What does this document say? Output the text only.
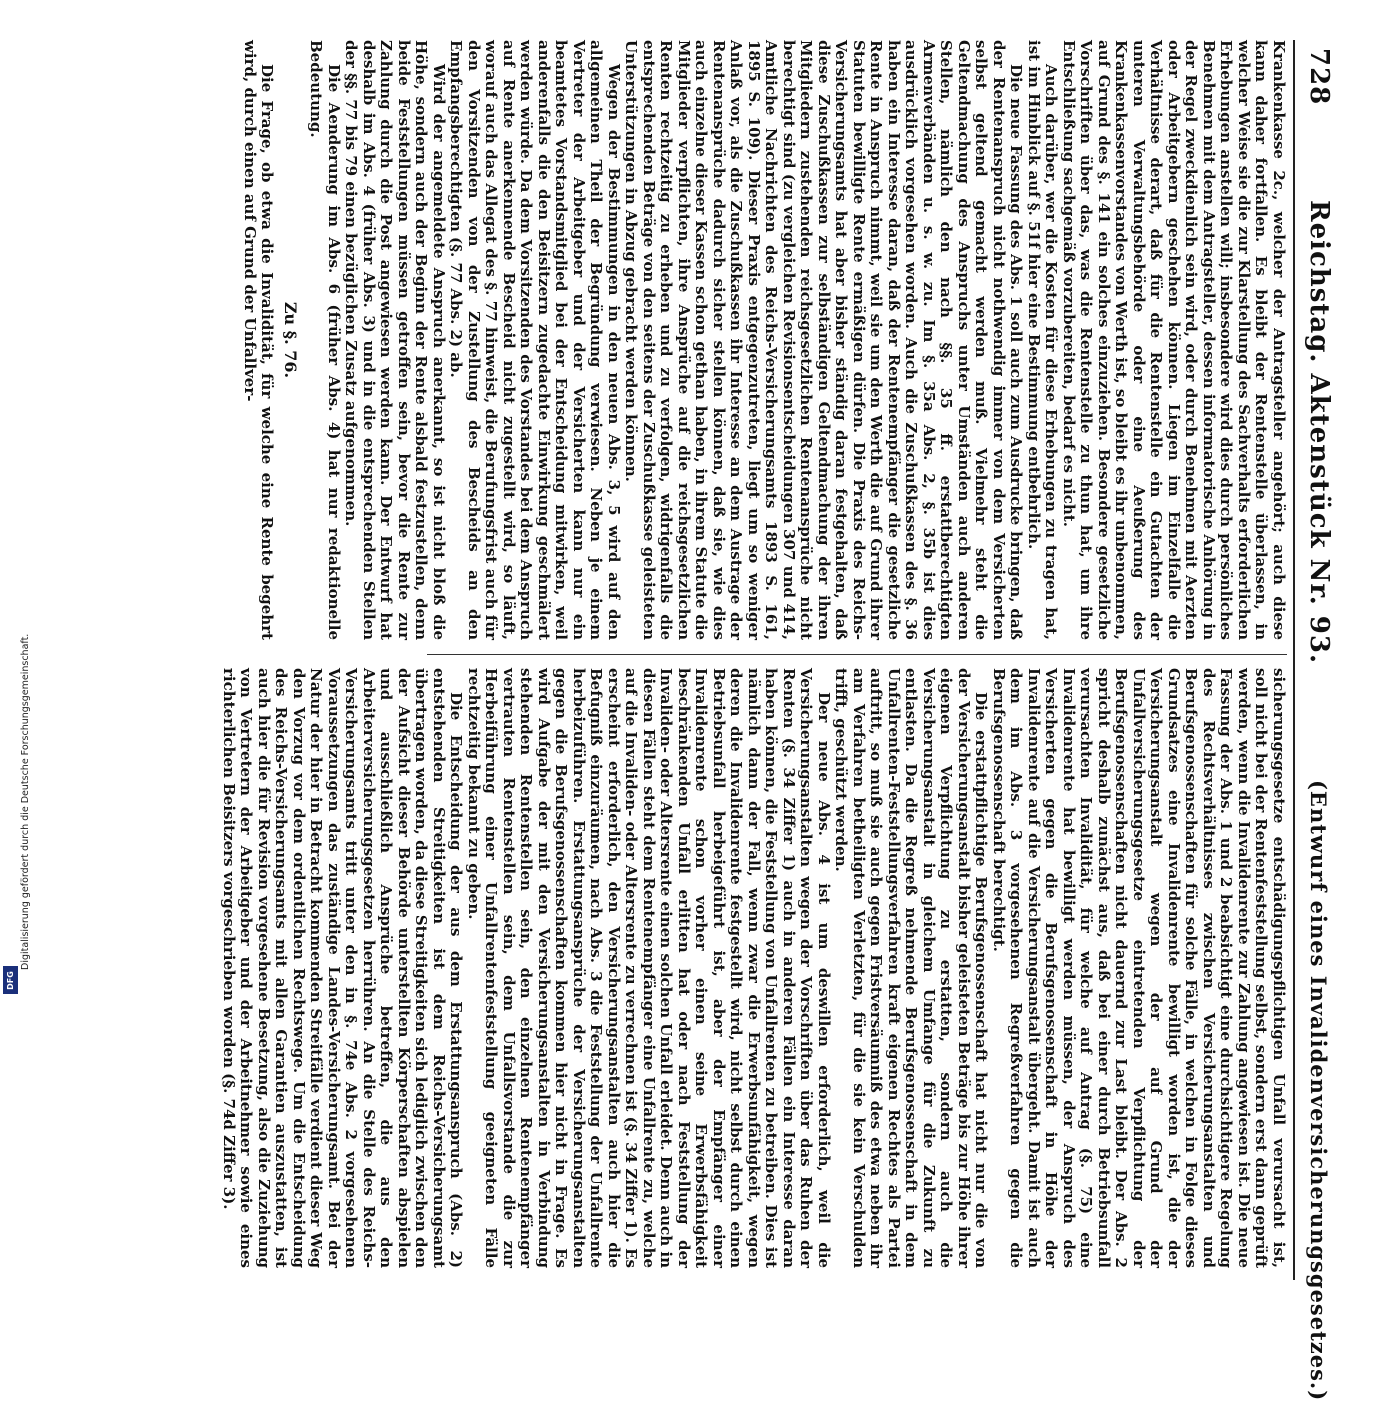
728
Reichstag. Aktenstück Nr. 93.
(Entwurf eines Invalidenversicherungsgesetzes.)

Krankenkasse 2c., welcher der Antragsteller angehört; auch diese kann daher fortfallen. Es bleibt der Rentenstelle überlassen, in welcher Weise sie die zur Klarstellung des Sachverhalts erforderlichen Erhebungen anstellen will; insbesondere wird dies durch persönliches Benehmen mit dem Antragsteller, dessen informatorische Anhörung in der Regel zweckdienlich sein wird, oder durch Benehmen mit Aerzten oder Arbeitgebern geschehen können. Liegen im Einzelfalle die Verhältnisse derart, daß für die Rentenstelle ein Gutachten der unteren Verwaltungsbehörde oder eine Aeußerung des Krankenkassenvorstandes von Werth ist, so bleibt es ihr unbenommen, auf Grund des §. 141 ein solches einzuziehen. Besondere gesetzliche Vorschriften über das, was die Rentenstelle zu thun hat, um ihre Entschließung sachgemäß vorzubereiten, bedarf es nicht.

Auch darüber, wer die Kosten für diese Erhebungen zu tragen hat, ist im Hinblick auf §. 51f hier eine Bestimmung entbehrlich.

Die neue Fassung des Abs. 1 soll auch zum Ausdrucke bringen, daß der Rentenanspruch nicht nothwendig immer von dem Versicherten selbst geltend gemacht werden muß. Vielmehr steht die Geltendmachung des Anspruchs unter Umständen auch anderen Stellen, nämlich den nach §§. 35 ff. erstattberechtigten Armenverbänden u. s. w. zu. Im §. 35a Abs. 2, §. 35b ist dies ausdrücklich vorgesehen worden. Auch die Zuschußkassen des §. 36 haben ein Interesse daran, daß der Rentenempfänger die gesetzliche Rente in Anspruch nimmt, weil sie um den Werth die auf Grund ihrer Statuten bewilligte Rente ermäßigen dürfen. Die Praxis des Reichs-Versicherungsamts hat aber bisher ständig daran festgehalten, daß diese Zuschußkassen zur selbständigen Geltendmachung der ihren Mitgliedern zustehenden reichsgesetzlichen Rentenansprüche nicht berechtigt sind (zu vergleichen Revisionsentscheidungen 307 und 414, Amtliche Nachrichten des Reichs-Versicherungsamts 1893 S. 161, 1895 S. 109). Dieser Praxis entgegenzutreten, liegt um so weniger Anlaß vor, als die Zuschußkassen ihr Interesse an dem Austrage der Rentenansprüche dadurch sicher stellen können, daß sie, wie dies auch einzelne dieser Kassen schon gethan haben, in ihrem Statute die Mitglieder verpflichten, ihre Ansprüche auf die reichsgesetzlichen Renten rechtzeitig zu erheben und zu verfolgen, widrigenfalls die entsprechenden Beträge von den seitens der Zuschußkasse geleisteten Unterstützungen in Abzug gebracht werden können.

Wegen der Bestimmungen in den neuen Abs. 3, 5 wird auf den allgemeinen Theil der Begründung verwiesen. Neben je einem Vertreter der Arbeitgeber und der Versicherten kann nur ein beamtetes Vorstandsmitglied bei der Entscheidung mitwirken, weil anderenfalls die den Beisitzern zugedachte Einwirkung geschmälert werden würde. Da dem Vorsitzenden des Vorstandes bei dem Anspruch auf Rente anerkennende Bescheid nicht zugestellt wird, so läuft, worauf auch das Allegat des §. 77 hinweist, die Berufungsfrist auch für den Vorsitzenden von der Zustellung des Bescheids an den Empfangsberechtigten (§. 77 Abs. 2) ab.

Wird der angemeldete Anspruch anerkannt, so ist nicht bloß die Höhe, sondern auch der Beginn der Rente alsbald festzustellen, denn beide Feststellungen müssen getroffen sein, bevor die Rente zur Zahlung durch die Post angewiesen werden kann. Der Entwurf hat deshalb im Abs. 4 (früher Abs. 3) und in die entsprechenden Stellen der §§. 77 bis 79 einen bezüglichen Zusatz aufgenommen.

Die Aenderung im Abs. 6 (früher Abs. 4) hat nur redaktionelle Bedeutung.

Zu §. 76.

Die Frage, ob etwa die Invalidität, für welche eine Rente begehrt wird, durch einen auf Grund der Unfallver-

sicherungsgesetze entschädigungspflichtigen Unfall verursacht ist, soll nicht bei der Rentenfeststellung selbst, sondern erst dann geprüft werden, wenn die Invalidenrente zur Zahlung angewiesen ist. Die neue Fassung der Abs. 1 und 2 beabsichtigt eine durchsichtigere Regelung des Rechtsverhältnisses zwischen Versicherungsanstalten und Berufsgenossenschaften für solche Fälle, in welchen in Folge dieses Grundsatzes eine Invalidenrente bewilligt worden ist, die der Versicherungsanstalt wegen der auf Grund der Unfallversicherungsgesetze eintretenden Verpflichtung der Berufsgenossenschaften nicht dauernd zur Last bleibt. Der Abs. 2 spricht deshalb zunächst aus, daß bei einer durch Betriebsunfall verursachten Invalidität, für welche auf Antrag (§. 75) eine Invalidenrente hat bewilligt werden müssen, der Anspruch des Versicherten gegen die Berufsgenossenschaft in Höhe der Invalidenrente auf die Versicherungsanstalt übergeht. Damit ist auch dem im Abs. 3 vorgesehenen Regreßverfahren gegen die Berufsgenossenschaft berechtigt.

Die erstattpflichtige Berufsgenossenschaft hat nicht nur die von der Versicherungsanstalt bisher geleisteten Beträge bis zur Höhe ihrer eigenen Verpflichtung zu erstatten, sondern auch die Versicherungsanstalt in gleichem Umfange für die Zukunft zu entlasten. Da die Regreß nehmende Berufsgenossenschaft in dem Unfallrenten-Feststellungsverfahren kraft eigenen Rechtes als Partei auftritt, so muß sie auch gegen Fristversäumniß des etwa neben ihr am Verfahren betheiligten Verletzten, für die sie kein Verschulden trifft, geschützt werden.

Der neue Abs. 4 ist um deswillen erforderlich, weil die Versicherungsanstalten wegen der Vorschriften über das Ruhen der Renten (§. 34 Ziffer 1) auch in anderen Fällen ein Interesse daran haben können, die Feststellung von Unfallrenten zu betreiben. Dies ist nämlich dann der Fall, wenn zwar die Erwerbsunfähigkeit, wegen deren die Invalidenrente festgestellt wird, nicht selbst durch einen Betriebsunfall herbeigeführt ist, aber der Empfänger einer Invalidenrente schon vorher einen seine Erwerbsfähigkeit beschränkenden Unfall erlitten hat oder nach Feststellung der Invaliden- oder Altersrente einen solchen Unfall erleidet. Denn auch in diesen Fällen steht dem Rentenempfänger eine Unfallrente zu, welche auf die Invaliden- oder Altersrente zu verrechnen ist (§. 34 Ziffer 1). Es erscheint erforderlich, den Versicherungsanstalten auch hier die Befugniß einzuräumen, nach Abs. 3 die Feststellung der Unfallrente herbeizuführen. Erstattungsansprüche der Versicherungsanstalten gegen die Berufsgenossenschaften kommen hier nicht in Frage. Es wird Aufgabe der mit den Versicherungsanstalten in Verbindung stehenden Rentenstellen sein, den einzelnen Rentenempfänger vertrauten Rentenstellen sein, dem Unfallsvorstande die zur Herbeiführung einer Unfallrentenfeststellung geeigneten Fälle rechtzeitig bekannt zu geben.

Die Entscheidung der aus dem Erstattungsanspruch (Abs. 2) entstehenden Streitigkeiten ist dem Reichs-Versicherungsamt übertragen worden, da diese Streitigkeiten sich lediglich zwischen den der Aufsicht dieser Behörde unterstellten Körperschaften abspielen und ausschließlich Ansprüche betreffen, die aus den Arbeiterversicherungsgesetzen herrühren. An die Stelle des Reichs-Versicherungsamts tritt unter den in §. 74e Abs. 2 vorgesehenen Voraussetzungen das zuständige Landes-Versicherungsamt. Bei der Natur der hier in Betracht kommenden Streitfälle verdient dieser Weg den Vorzug vor dem ordentlichen Rechtswege. Um die Entscheidung des Reichs-Versicherungsamts mit allen Garantien auszustatten, ist auch hier die für Revision vorgesehene Besetzung, also die Zuziehung von Vertretern der Arbeitgeber und der Arbeitnehmer sowie eines richterlichen Beisitzers vorgeschrieben worden (§. 74d Ziffer 3).

Digitalisierung gefördert durch die Deutsche Forschungsgemeinschaft.
DFG
